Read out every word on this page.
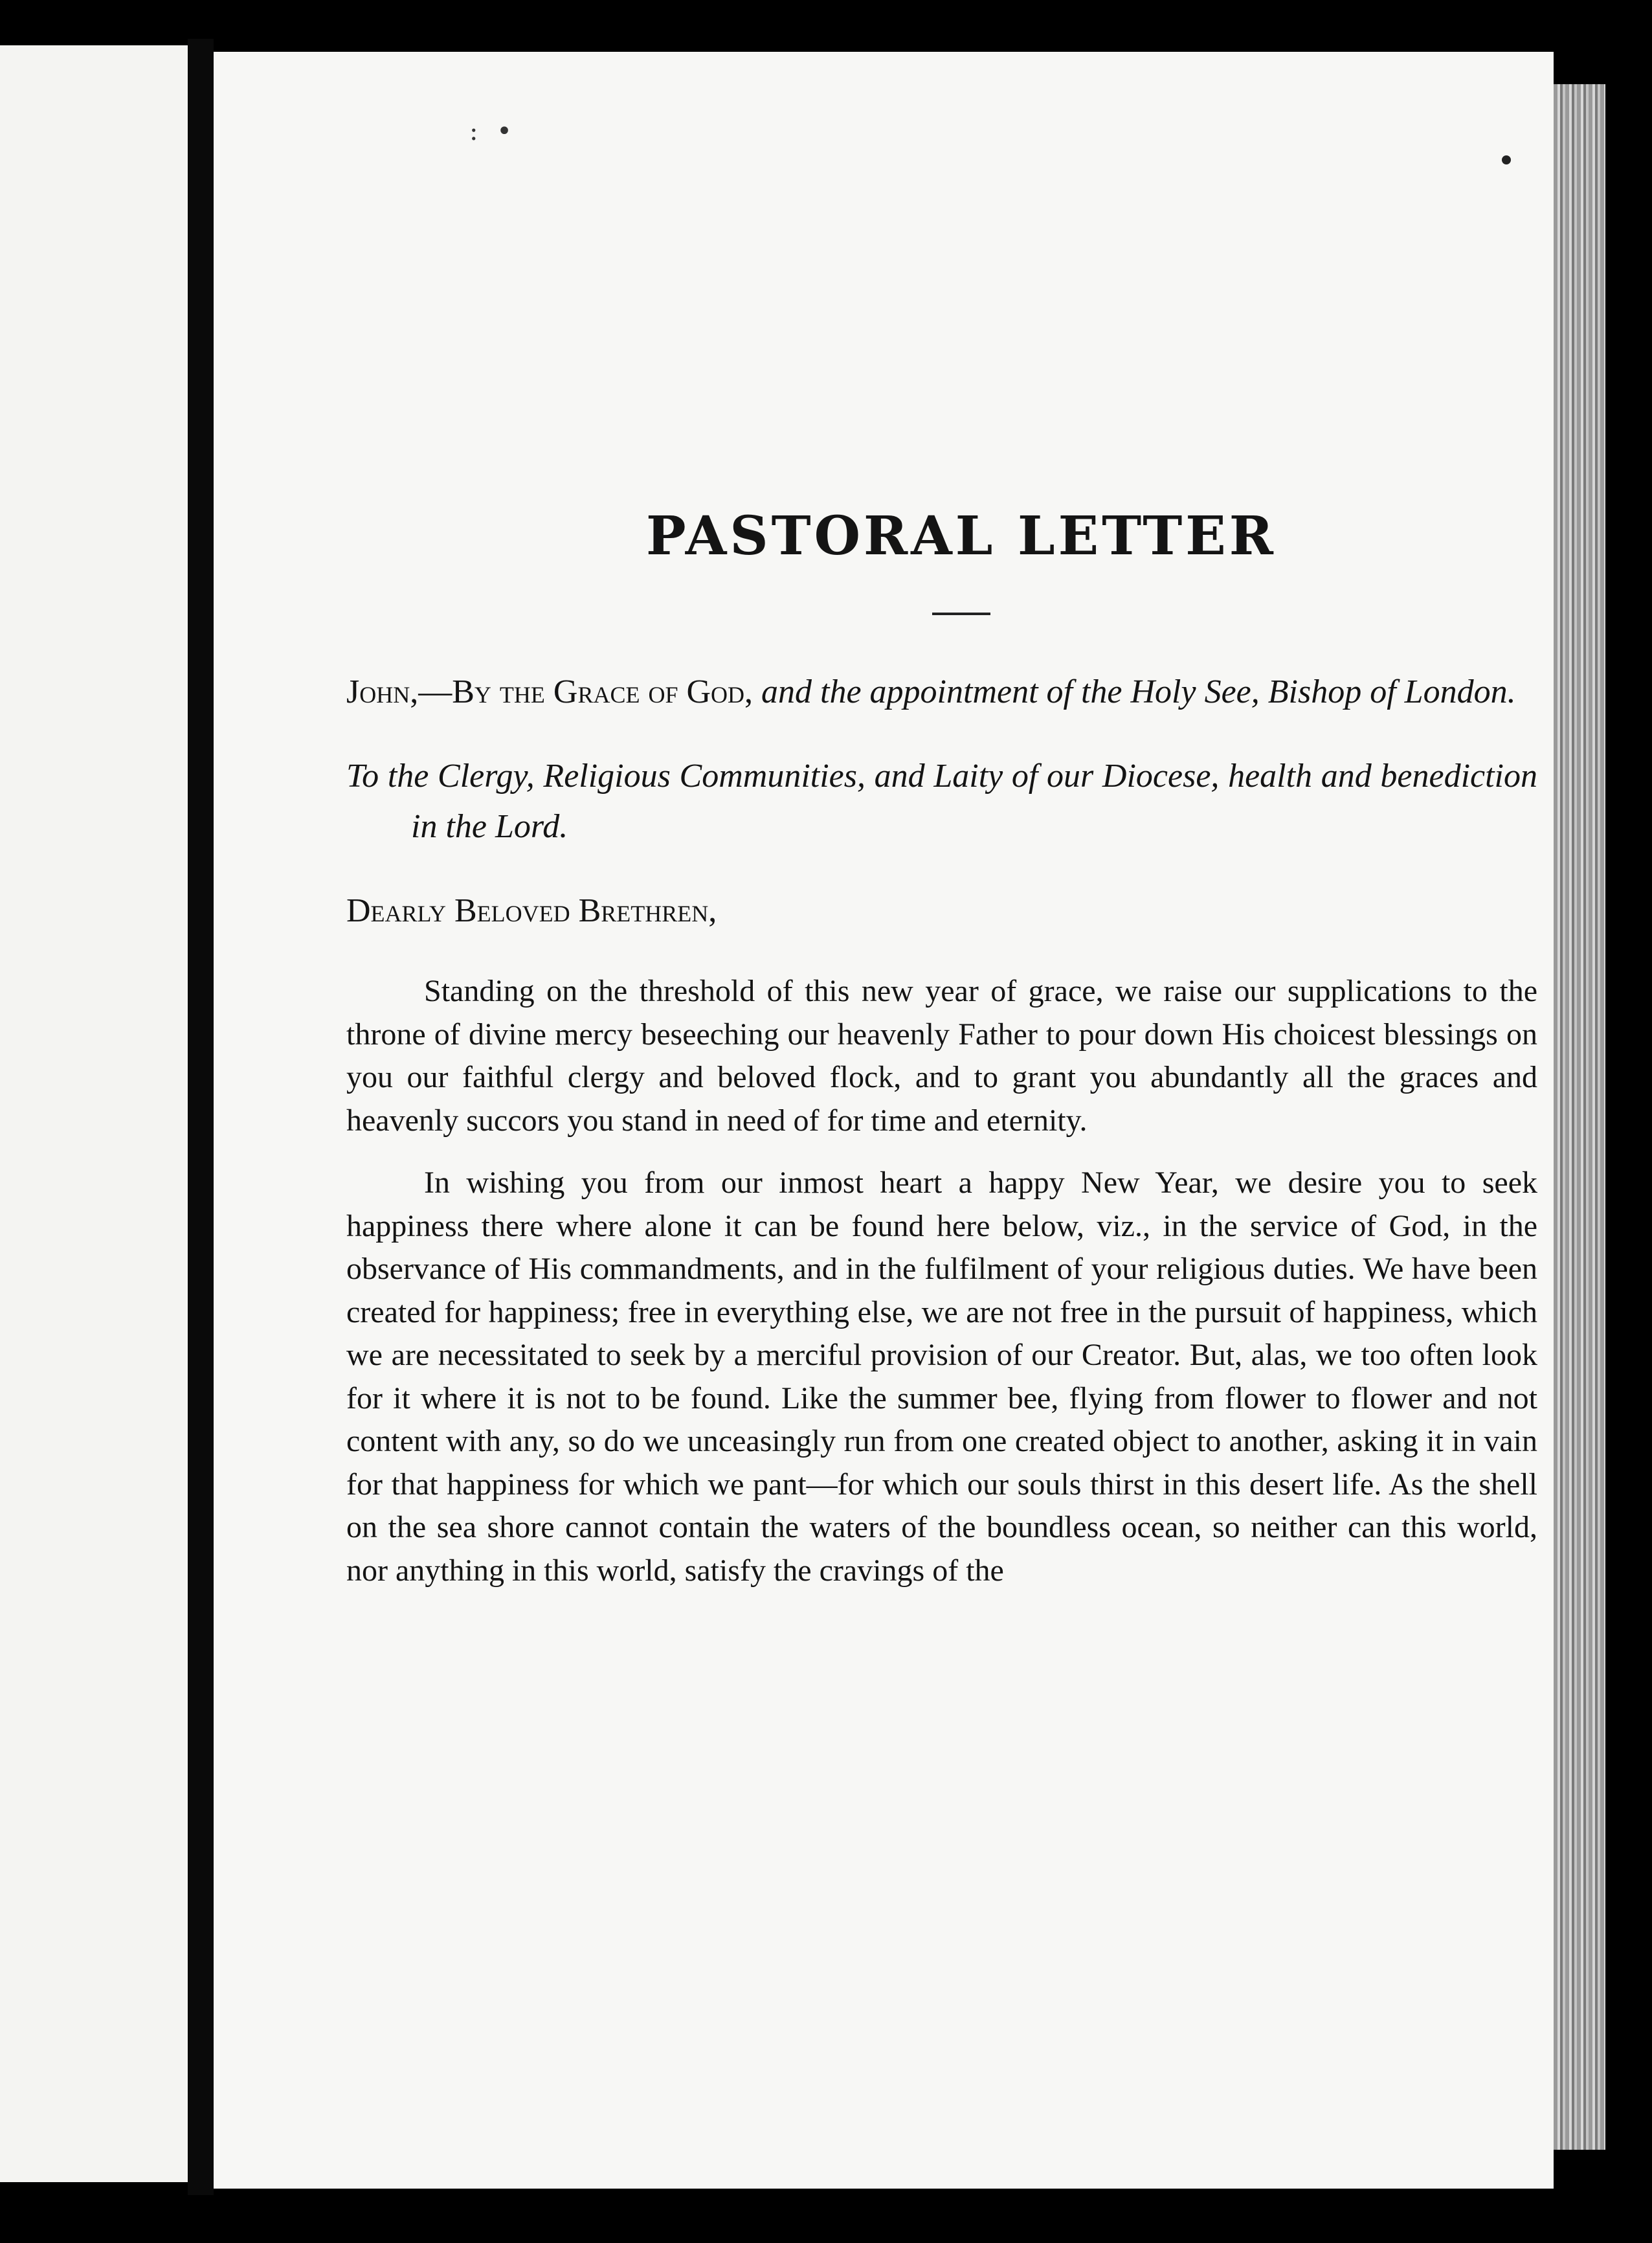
: •
PASTORAL LETTER

John,—By the Grace of God, and the appointment of the Holy See, Bishop of London.

To the Clergy, Religious Communities, and Laity of our Diocese, health and benediction in the Lord.

Dearly Beloved Brethren,

Standing on the threshold of this new year of grace, we raise our supplications to the throne of divine mercy beseeching our heavenly Father to pour down His choicest blessings on you our faithful clergy and beloved flock, and to grant you abundantly all the graces and heavenly succors you stand in need of for time and eternity.

In wishing you from our inmost heart a happy New Year, we desire you to seek happiness there where alone it can be found here below, viz., in the service of God, in the observance of His commandments, and in the fulfilment of your religious duties. We have been created for happiness; free in everything else, we are not free in the pursuit of happiness, which we are necessitated to seek by a merciful provision of our Creator. But, alas, we too often look for it where it is not to be found. Like the summer bee, flying from flower to flower and not content with any, so do we unceasingly run from one created object to another, asking it in vain for that happiness for which we pant—for which our souls thirst in this desert life. As the shell on the sea shore cannot contain the waters of the boundless ocean, so neither can this world, nor anything in this world, satisfy the cravings of the
